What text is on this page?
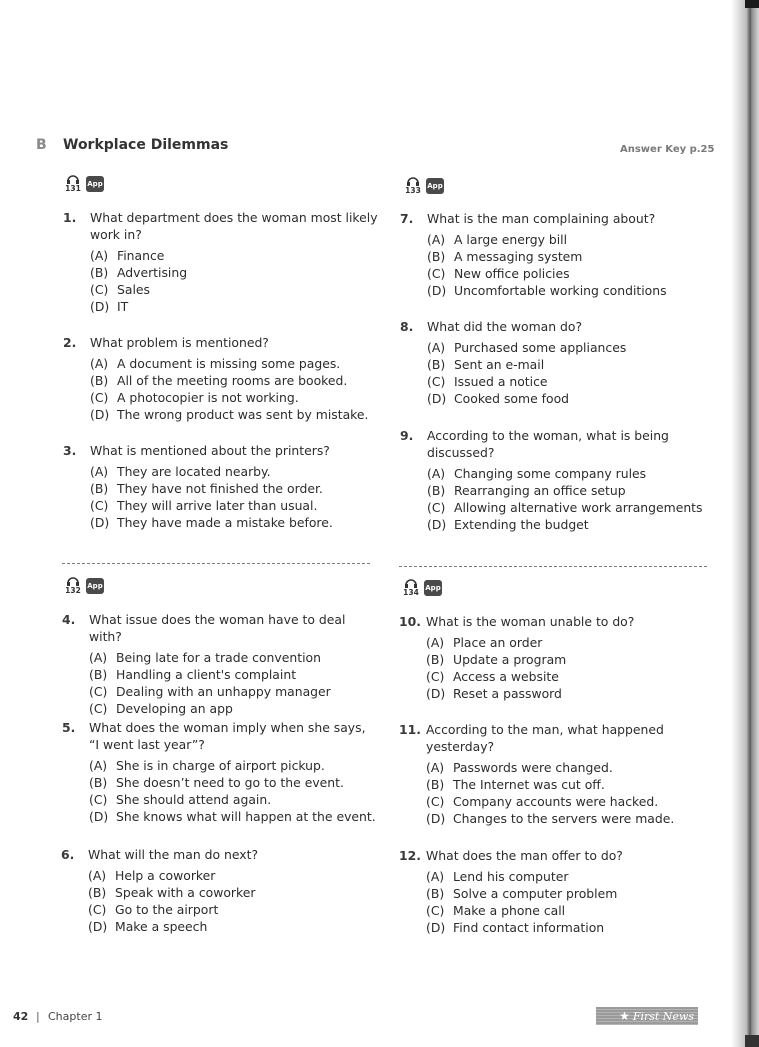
B Workplace Dilemmas	Answer Key p.25
131 App
133 App
132 App
134 App
1. What department does the woman most likely work in?
(A) Finance
(B) Advertising
(C) Sales
(D) IT
2. What problem is mentioned?
(A) A document is missing some pages.
(B) All of the meeting rooms are booked.
(C) A photocopier is not working.
(D) The wrong product was sent by mistake.
3. What is mentioned about the printers?
(A) They are located nearby.
(B) They have not finished the order.
(C) They will arrive later than usual.
(D) They have made a mistake before.
4. What issue does the woman have to deal with?
(A) Being late for a trade convention
(B) Handling a client's complaint
(C) Dealing with an unhappy manager
(C) Developing an app
5. What does the woman imply when she says, “I went last year”?
(A) She is in charge of airport pickup.
(B) She doesn’t need to go to the event.
(C) She should attend again.
(D) She knows what will happen at the event.
6. What will the man do next?
(A) Help a coworker
(B) Speak with a coworker
(C) Go to the airport
(D) Make a speech
7. What is the man complaining about?
(A) A large energy bill
(B) A messaging system
(C) New office policies
(D) Uncomfortable working conditions
8. What did the woman do?
(A) Purchased some appliances
(B) Sent an e-mail
(C) Issued a notice
(D) Cooked some food
9. According to the woman, what is being discussed?
(A) Changing some company rules
(B) Rearranging an office setup
(C) Allowing alternative work arrangements
(D) Extending the budget
10. What is the woman unable to do?
(A) Place an order
(B) Update a program
(C) Access a website
(D) Reset a password
11. According to the man, what happened yesterday?
(A) Passwords were changed.
(B) The Internet was cut off.
(C) Company accounts were hacked.
(D) Changes to the servers were made.
12. What does the man offer to do?
(A) Lend his computer
(B) Solve a computer problem
(C) Make a phone call
(D) Find contact information
42 | Chapter 1	★ First News
